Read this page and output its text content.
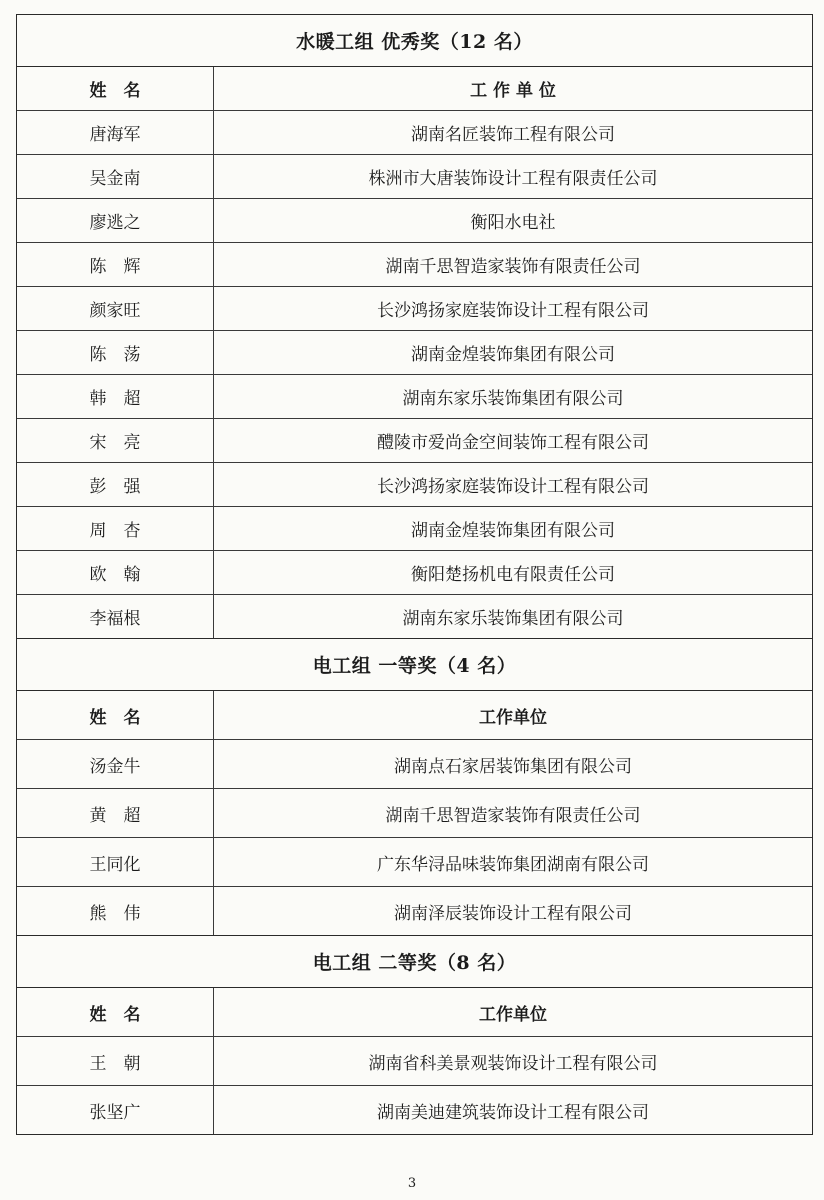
水暖工组 优秀奖（12 名）
姓　名	工 作 单 位
唐海军	湖南名匠装饰工程有限公司
吴金南	株洲市大唐装饰设计工程有限责任公司
廖逃之	衡阳水电社
陈　辉	湖南千思智造家装饰有限责任公司
颜家旺	长沙鸿扬家庭装饰设计工程有限公司
陈　荡	湖南金煌装饰集团有限公司
韩　超	湖南东家乐装饰集团有限公司
宋　亮	醴陵市爱尚金空间装饰工程有限公司
彭　强	长沙鸿扬家庭装饰设计工程有限公司
周　杏	湖南金煌装饰集团有限公司
欧　翰	衡阳楚扬机电有限责任公司
李福根	湖南东家乐装饰集团有限公司
电工组 一等奖（4 名）
姓　名	工作单位
汤金牛	湖南点石家居装饰集团有限公司
黄　超	湖南千思智造家装饰有限责任公司
王同化	广东华浔品味装饰集团湖南有限公司
熊　伟	湖南泽辰装饰设计工程有限公司
电工组 二等奖（8 名）
姓　名	工作单位
王　朝	湖南省科美景观装饰设计工程有限公司
张坚广	湖南美迪建筑装饰设计工程有限公司
3
